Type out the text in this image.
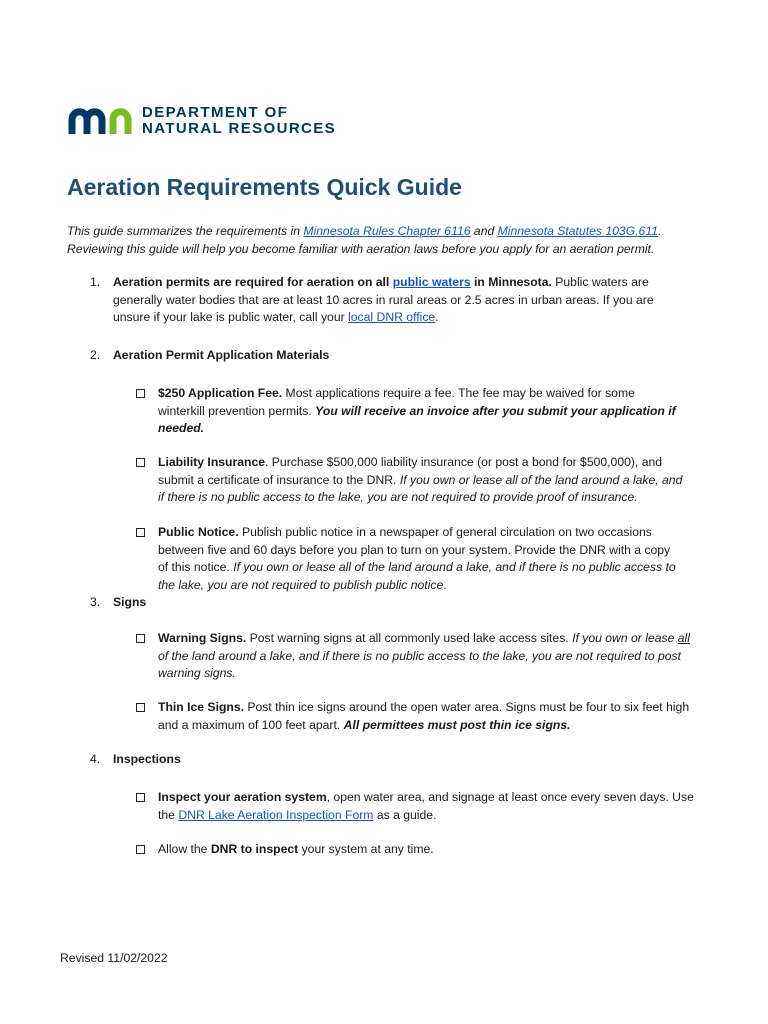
DEPARTMENT OF
NATURAL RESOURCES
Aeration Requirements Quick Guide

This guide summarizes the requirements in Minnesota Rules Chapter 6116 and Minnesota Statutes 103G.611.

Reviewing this guide will help you become familiar with aeration laws before you apply for an aeration permit.

1. Aeration permits are required for aeration on all public waters in Minnesota. Public waters are
generally water bodies that are at least 10 acres in rural areas or 2.5 acres in urban areas. If you are
unsure if your lake is public water, call your local DNR office.
2. Aeration Permit Application Materials
$250 Application Fee. Most applications require a fee. The fee may be waived for some
winterkill prevention permits. You will receive an invoice after you submit your application if
needed.
Liability Insurance. Purchase $500,000 liability insurance (or post a bond for $500,000), and
submit a certificate of insurance to the DNR. If you own or lease all of the land around a lake, and
if there is no public access to the lake, you are not required to provide proof of insurance.
Public Notice. Publish public notice in a newspaper of general circulation on two occasions
between five and 60 days before you plan to turn on your system. Provide the DNR with a copy
of this notice. If you own or lease all of the land around a lake, and if there is no public access to
the lake, you are not required to publish public notice.
3. Signs
Warning Signs. Post warning signs at all commonly used lake access sites. If you own or lease all
of the land around a lake, and if there is no public access to the lake, you are not required to post
warning signs.
Thin Ice Signs. Post thin ice signs around the open water area. Signs must be four to six feet high
and a maximum of 100 feet apart. All permittees must post thin ice signs.
4. Inspections
Inspect your aeration system, open water area, and signage at least once every seven days. Use
the DNR Lake Aeration Inspection Form as a guide.
Allow the DNR to inspect your system at any time.
Revised 11/02/2022
